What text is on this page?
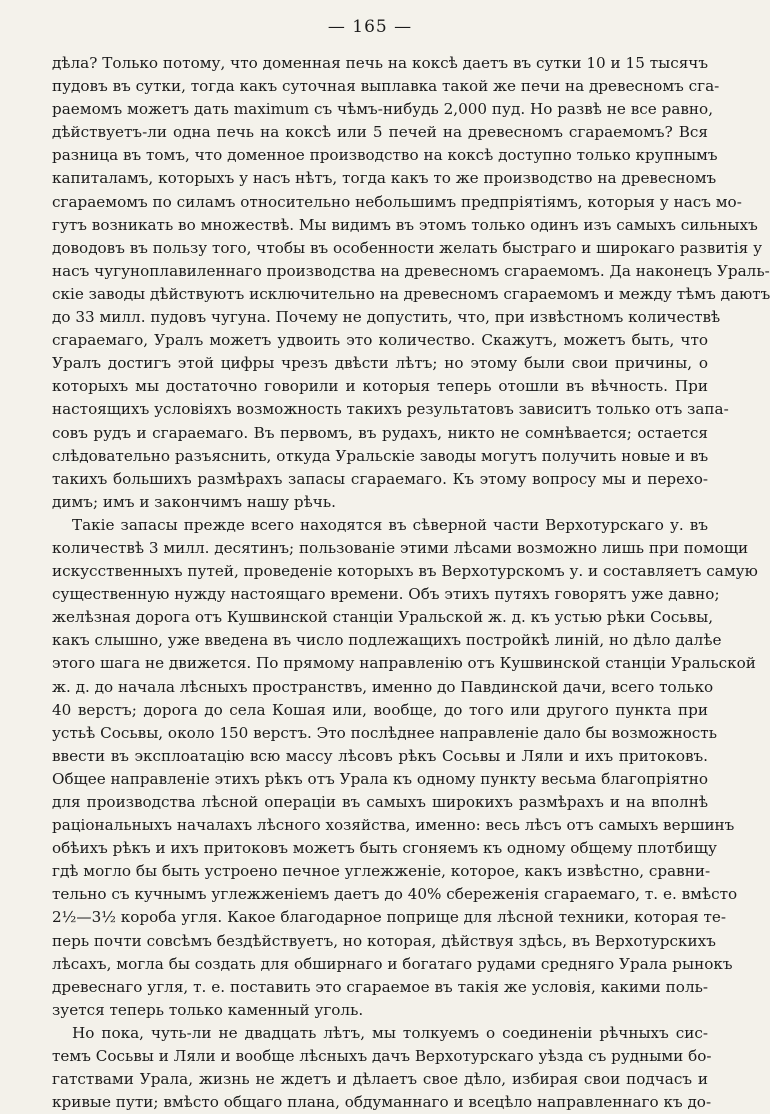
— 165 —
дѣла? Только потому, что доменная печь на коксѣ даетъ въ сутки 10 и 15 тысячъ
пудовъ въ сутки, тогда какъ суточная выплавка такой же печи на древесномъ сга-
раемомъ можетъ дать maximum съ чѣмъ-нибудь 2,000 пуд. Но развѣ не все равно,
дѣйствуетъ-ли одна печь на коксѣ или 5 печей на древесномъ сгараемомъ? Вся
разница въ томъ, что доменное производство на коксѣ доступно только крупнымъ
капиталамъ, которыхъ у насъ нѣтъ, тогда какъ то же производство на древесномъ
сгараемомъ по силамъ относительно небольшимъ предпріятіямъ, которыя у насъ мо-
гутъ возникать во множествѣ. Мы видимъ въ этомъ только одинъ изъ самыхъ сильныхъ
доводовъ въ пользу того, чтобы въ особенности желать быстраго и широкаго развитія у
насъ чугуноплавиленнаго производства на древесномъ сгараемомъ. Да наконецъ Ураль-
скіе заводы дѣйствуютъ исключительно на древесномъ сгараемомъ и между тѣмъ даютъ
до 33 милл. пудовъ чугуна. Почему не допустить, что, при извѣстномъ количествѣ
сгараемаго, Уралъ можетъ удвоить это количество. Скажутъ, можетъ быть, что
Уралъ достигъ этой цифры чрезъ двѣсти лѣтъ; но этому были свои причины, о
которыхъ мы достаточно говорили и которыя теперь отошли въ вѣчность. При
настоящихъ условіяхъ возможность такихъ результатовъ зависитъ только отъ запа-
совъ рудъ и сгараемаго. Въ первомъ, въ рудахъ, никто не сомнѣвается; остается
слѣдовательно разъяснить, откуда Уральскіе заводы могутъ получить новые и въ
такихъ большихъ размѣрахъ запасы сгараемаго. Къ этому вопросу мы и перехо-
димъ; имъ и закончимъ нашу рѣчь.
Такіе запасы прежде всего находятся въ сѣверной части Верхотурскаго у. въ
количествѣ 3 милл. десятинъ; пользованіе этими лѣсами возможно лишь при помощи
искусственныхъ путей, проведеніе которыхъ въ Верхотурскомъ у. и составляетъ самую
существенную нужду настоящаго времени. Объ этихъ путяхъ говорятъ уже давно;
желѣзная дорога отъ Кушвинской станціи Уральской ж. д. къ устью рѣки Сосьвы,
какъ слышно, уже введена въ число подлежащихъ постройкѣ линій, но дѣло далѣе
этого шага не движется. По прямому направленію отъ Кушвинской станціи Уральской
ж. д. до начала лѣсныхъ пространствъ, именно до Павдинской дачи, всего только
40 верстъ; дорога до села Кошая или, вообще, до того или другого пункта при
устьѣ Сосьвы, около 150 верстъ. Это послѣднее направленіе дало бы возможность
ввести въ эксплоатацію всю массу лѣсовъ рѣкъ Сосьвы и Ляли и ихъ притоковъ.
Общее направленіе этихъ рѣкъ отъ Урала къ одному пункту весьма благопріятно
для производства лѣсной операціи въ самыхъ широкихъ размѣрахъ и на вполнѣ
раціональныхъ началахъ лѣсного хозяйства, именно: весь лѣсъ отъ самыхъ вершинъ
обѣихъ рѣкъ и ихъ притоковъ можетъ быть сгоняемъ къ одному общему плотбищу
гдѣ могло бы быть устроено печное углежженіе, которое, какъ извѣстно, сравни-
тельно съ кучнымъ углежженіемъ даетъ до 40% сбереженія сгараемаго, т. е. вмѣсто
2½—3½ короба угля. Какое благодарное поприще для лѣсной техники, которая те-
перь почти совсѣмъ бездѣйствуетъ, но которая, дѣйствуя здѣсь, въ Верхотурскихъ
лѣсахъ, могла бы создать для обширнаго и богатаго рудами средняго Урала рынокъ
древеснаго угля, т. е. поставить это сгараемое въ такія же условія, какими поль-
зуется теперь только каменный уголь.
Но пока, чуть-ли не двадцать лѣтъ, мы толкуемъ о соединеніи рѣчныхъ сис-
темъ Сосьвы и Ляли и вообще лѣсныхъ дачъ Верхотурскаго уѣзда съ рудными бо-
гатствами Урала, жизнь не ждетъ и дѣлаетъ свое дѣло, избирая свои подчасъ и
кривые пути; вмѣсто общаго плана, обдуманнаго и всецѣло направленнаго къ до-
